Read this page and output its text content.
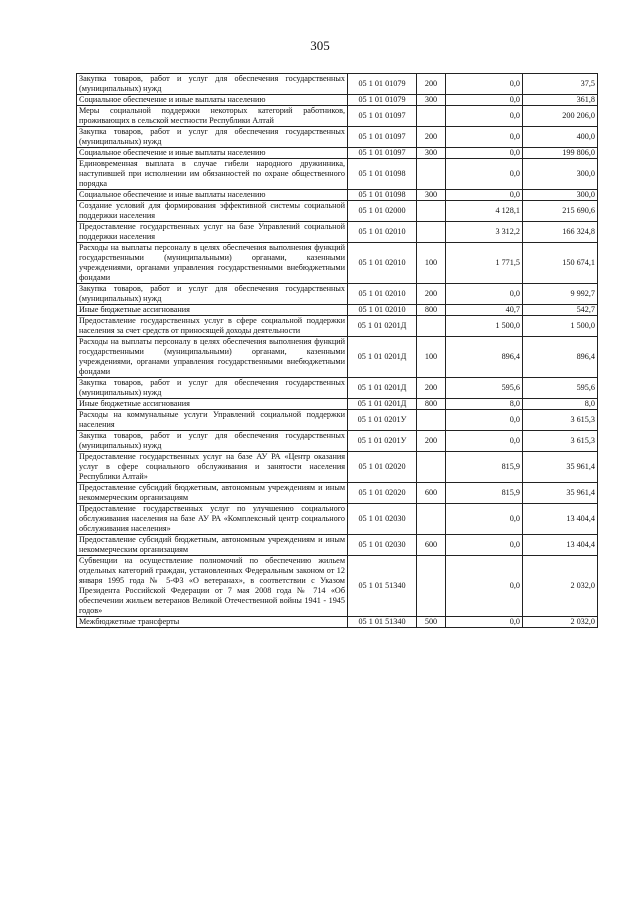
305
Закупка товаров, работ и услуг для обеспечения государственных (муниципальных) нужд	05 1 01 01079	200	0,0	37,5
Социальное обеспечение и иные выплаты населению	05 1 01 01079	300	0,0	361,8
Меры социальной поддержки некоторых категорий работников, проживающих в сельской местности Республики Алтай	05 1 01 01097		0,0	200 206,0
Закупка товаров, работ и услуг для обеспечения государственных (муниципальных) нужд	05 1 01 01097	200	0,0	400,0
Социальное обеспечение и иные выплаты населению	05 1 01 01097	300	0,0	199 806,0
Единовременная выплата в случае гибели народного дружинника, наступившей при исполнении им обязанностей по охране общественного порядка	05 1 01 01098		0,0	300,0
Социальное обеспечение и иные выплаты населению	05 1 01 01098	300	0,0	300,0
Создание условий для формирования эффективной системы социальной поддержки населения	05 1 01 02000		4 128,1	215 690,6
Предоставление государственных услуг на базе Управлений социальной поддержки населения	05 1 01 02010		3 312,2	166 324,8
Расходы на выплаты персоналу в целях обеспечения выполнения функций государственными (муниципальными) органами, казенными учреждениями, органами управления государственными внебюджетными фондами	05 1 01 02010	100	1 771,5	150 674,1
Закупка товаров, работ и услуг для обеспечения государственных (муниципальных) нужд	05 1 01 02010	200	0,0	9 992,7
Иные бюджетные ассигнования	05 1 01 02010	800	40,7	542,7
Предоставление государственных услуг в сфере социальной поддержки населения за счет средств от приносящей доходы деятельности	05 1 01 0201Д		1 500,0	1 500,0
Расходы на выплаты персоналу в целях обеспечения выполнения функций государственными (муниципальными) органами, казенными учреждениями, органами управления государственными внебюджетными фондами	05 1 01 0201Д	100	896,4	896,4
Закупка товаров, работ и услуг для обеспечения государственных (муниципальных) нужд	05 1 01 0201Д	200	595,6	595,6
Иные бюджетные ассигнования	05 1 01 0201Д	800	8,0	8,0
Расходы на коммунальные услуги Управлений социальной поддержки населения	05 1 01 0201У		0,0	3 615,3
Закупка товаров, работ и услуг для обеспечения государственных (муниципальных) нужд	05 1 01 0201У	200	0,0	3 615,3
Предоставление государственных услуг на базе АУ РА «Центр оказания услуг в сфере социального обслуживания и занятости населения Республики Алтай»	05 1 01 02020		815,9	35 961,4
Предоставление субсидий бюджетным, автономным учреждениям и иным некоммерческим организациям	05 1 01 02020	600	815,9	35 961,4
Предоставление государственных услуг по улучшению социального обслуживания населения на базе АУ РА «Комплексный центр социального обслуживания населения»	05 1 01 02030		0,0	13 404,4
Предоставление субсидий бюджетным, автономным учреждениям и иным некоммерческим организациям	05 1 01 02030	600	0,0	13 404,4
Субвенции на осуществление полномочий по обеспечению жильем отдельных категорий граждан, установленных Федеральным законом от 12 января 1995 года № 5-ФЗ «О ветеранах», в соответствии с Указом Президента Российской Федерации от 7 мая 2008 года № 714 «Об обеспечении жильем ветеранов Великой Отечественной войны 1941 - 1945 годов»	05 1 01 51340		0,0	2 032,0
Межбюджетные трансферты	05 1 01 51340	500	0,0	2 032,0
